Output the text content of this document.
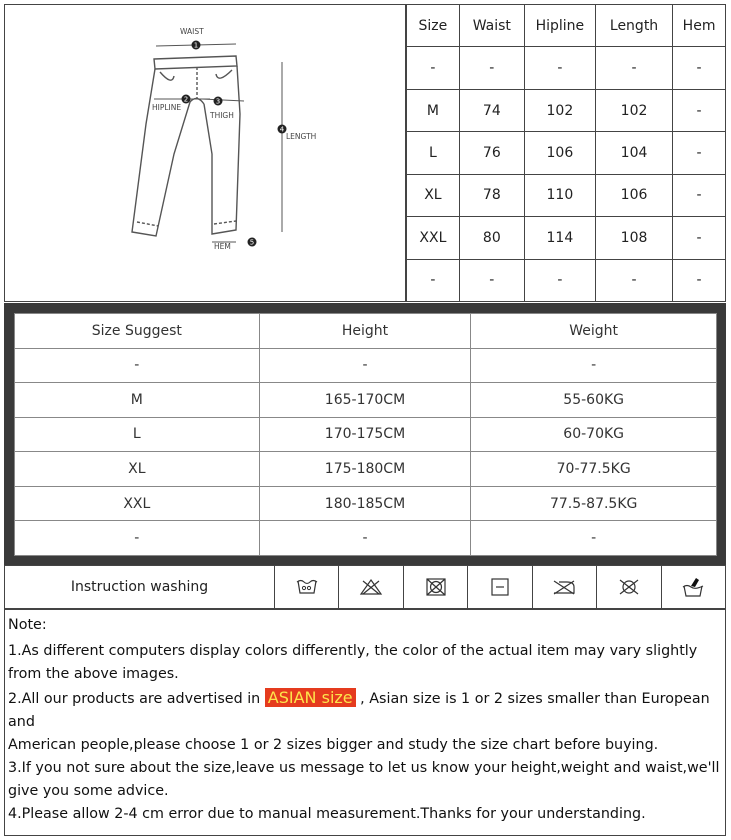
1
2	3
4
5
WAIST
HIPLINE
THIGH
LENGTH
HEM
Size	Waist	Hipline	Length	Hem
-	-	-	-	-
M	74	102	102	-
L	76	106	104	-
XL	78	110	106	-
XXL	80	114	108	-
-	-	-	-	-
Size Suggest	Height	Weight
-	-	-
M	165-170CM	55-60KG
L	170-175CM	60-70KG
XL	175-180CM	70-77.5KG
XXL	180-185CM	77.5-87.5KG
-	-	-
Instruction washing

Note:

1.As different computers display colors differently, the color of the actual item may vary slightly from the above images.

2.All our products are advertised in ASIAN size , Asian size is 1 or 2 sizes smaller than European and

American people,please choose 1 or 2 sizes bigger and study the size chart before buying.

3.If you not sure about the size,leave us message to let us know your height,weight and waist,we'll give you some advice.

4.Please allow 2-4 cm error due to manual measurement.Thanks for your understanding.
